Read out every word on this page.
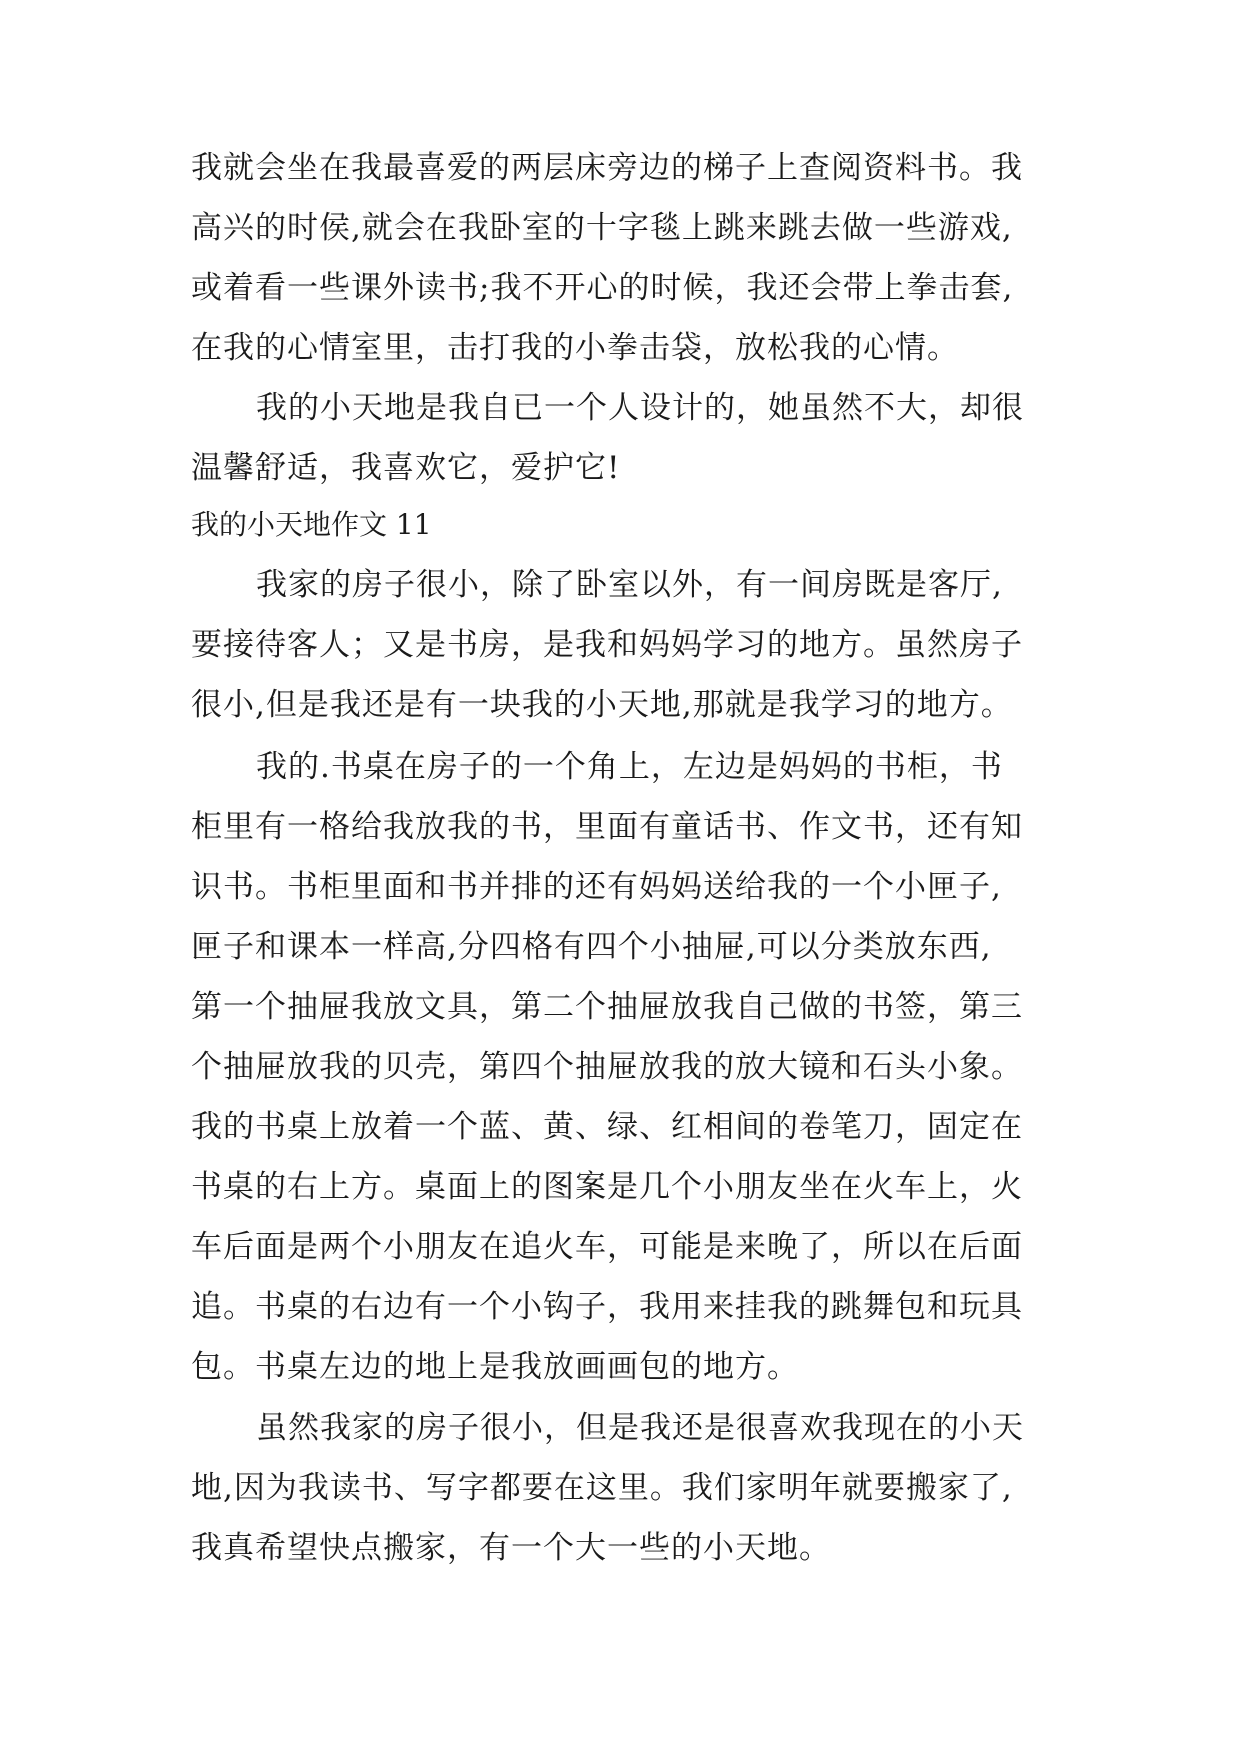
我就会坐在我最喜爱的两层床旁边的梯子上查阅资料书。我
高兴的时侯,就会在我卧室的十字毯上跳来跳去做一些游戏,
或着看一些课外读书;我不开心的时候，我还会带上拳击套,
在我的心情室里，击打我的小拳击袋，放松我的心情。
我的小天地是我自已一个人设计的，她虽然不大，却很
温馨舒适，我喜欢它，爱护它!
我的小天地作文 11
我家的房子很小，除了卧室以外，有一间房既是客厅,
要接待客人；又是书房，是我和妈妈学习的地方。虽然房子
很小,但是我还是有一块我的小天地,那就是我学习的地方。
我的.书桌在房子的一个角上，左边是妈妈的书柜，书
柜里有一格给我放我的书，里面有童话书、作文书，还有知
识书。书柜里面和书并排的还有妈妈送给我的一个小匣子,
匣子和课本一样高,分四格有四个小抽屉,可以分类放东西,
第一个抽屉我放文具，第二个抽屉放我自己做的书签，第三
个抽屉放我的贝壳，第四个抽屉放我的放大镜和石头小象。
我的书桌上放着一个蓝、黄、绿、红相间的卷笔刀，固定在
书桌的右上方。桌面上的图案是几个小朋友坐在火车上，火
车后面是两个小朋友在追火车，可能是来晚了，所以在后面
追。书桌的右边有一个小钩子，我用来挂我的跳舞包和玩具
包。书桌左边的地上是我放画画包的地方。
虽然我家的房子很小，但是我还是很喜欢我现在的小天
地,因为我读书、写字都要在这里。我们家明年就要搬家了,
我真希望快点搬家，有一个大一些的小天地。
